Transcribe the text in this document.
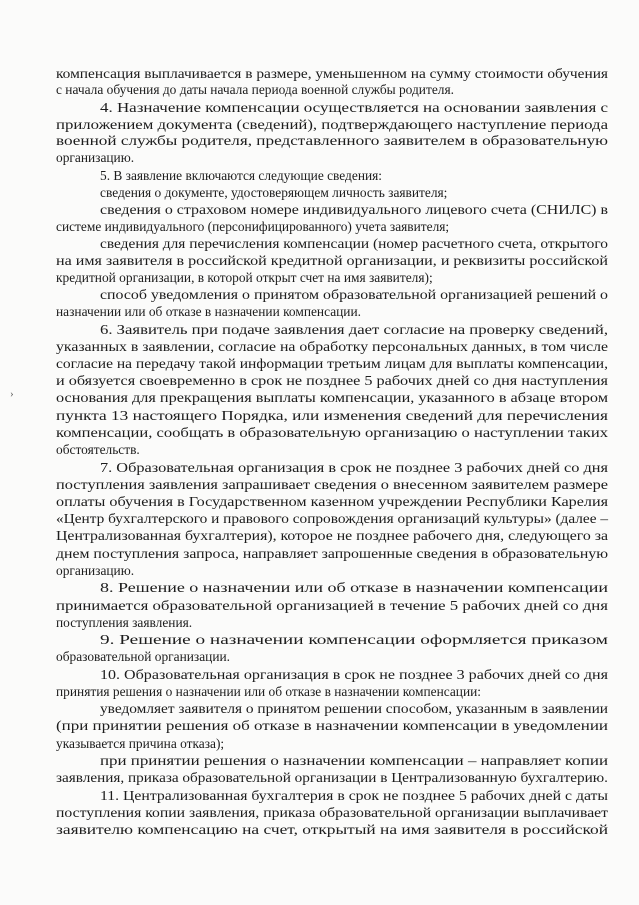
компенсация выплачивается в размере, уменьшенном на сумму стоимости обучения

с начала обучения до даты начала периода военной службы родителя.

4. Назначение компенсации осуществляется на основании заявления с

приложением документа (сведений), подтверждающего наступление периода

военной службы родителя, представленного заявителем в образовательную

организацию.

5. В заявление включаются следующие сведения:

сведения о документе, удостоверяющем личность заявителя;

сведения о страховом номере индивидуального лицевого счета (СНИЛС) в

системе индивидуального (персонифицированного) учета заявителя;

сведения для перечисления компенсации (номер расчетного счета, открытого

на имя заявителя в российской кредитной организации, и реквизиты российской

кредитной организации, в которой открыт счет на имя заявителя);

способ уведомления о принятом образовательной организацией решений о

назначении или об отказе в назначении компенсации.

6. Заявитель при подаче заявления дает согласие на проверку сведений,

указанных в заявлении, согласие на обработку персональных данных, в том числе

согласие на передачу такой информации третьим лицам для выплаты компенсации,

и обязуется своевременно в срок не позднее 5 рабочих дней со дня наступления

основания для прекращения выплаты компенсации, указанного в абзаце втором

пункта 13 настоящего Порядка, или изменения сведений для перечисления

компенсации, сообщать в образовательную организацию о наступлении таких

обстоятельств.

7. Образовательная организация в срок не позднее 3 рабочих дней со дня

поступления заявления запрашивает сведения о внесенном заявителем размере

оплаты обучения в Государственном казенном учреждении Республики Карелия

«Центр бухгалтерского и правового сопровождения организаций культуры» (далее –

Централизованная бухгалтерия), которое не позднее рабочего дня, следующего за

днем поступления запроса, направляет запрошенные сведения в образовательную

организацию.

8. Решение о назначении или об отказе в назначении компенсации

принимается образовательной организацией в течение 5 рабочих дней со дня

поступления заявления.

9. Решение о назначении компенсации оформляется приказом

образовательной организации.

10. Образовательная организация в срок не позднее 3 рабочих дней со дня

принятия решения о назначении или об отказе в назначении компенсации:

уведомляет заявителя о принятом решении способом, указанным в заявлении

(при принятии решения об отказе в назначении компенсации в уведомлении

указывается причина отказа);

при принятии решения о назначении компенсации – направляет копии

заявления, приказа образовательной организации в Централизованную бухгалтерию.

11. Централизованная бухгалтерия в срок не позднее 5 рабочих дней с даты

поступления копии заявления, приказа образовательной организации выплачивает

заявителю компенсацию на счет, открытый на имя заявителя в российской

›
